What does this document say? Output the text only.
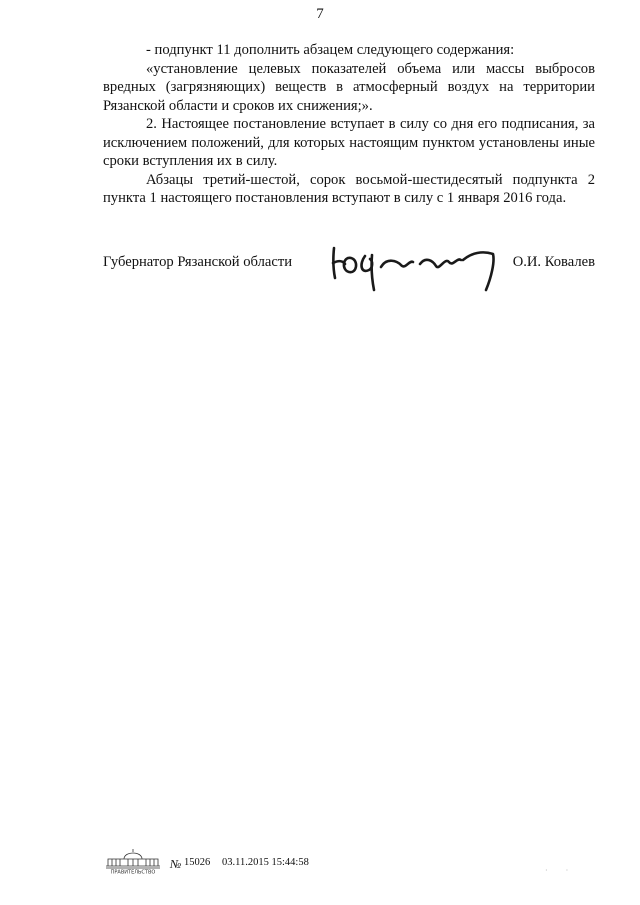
7

- подпункт 11 дополнить абзацем следующего содержания:

«установление целевых показателей объема или массы выбросов вредных (загрязняющих) веществ в атмосферный воздух на территории Рязанской области и сроков их снижения;».

2. Настоящее постановление вступает в силу со дня его подписания, за исключением положений, для которых настоящим пунктом установлены иные сроки вступления их в силу.

Абзацы третий-шестой, сорок восьмой-шестидесятый подпункта 2 пункта 1 настоящего постановления вступают в силу с 1 января 2016 года.

Губернатор Рязанской области	О.И. Ковалев
ПРАВИТЕЛЬСТВО
№ 15026 03.11.2015 15:44:58
· ·
